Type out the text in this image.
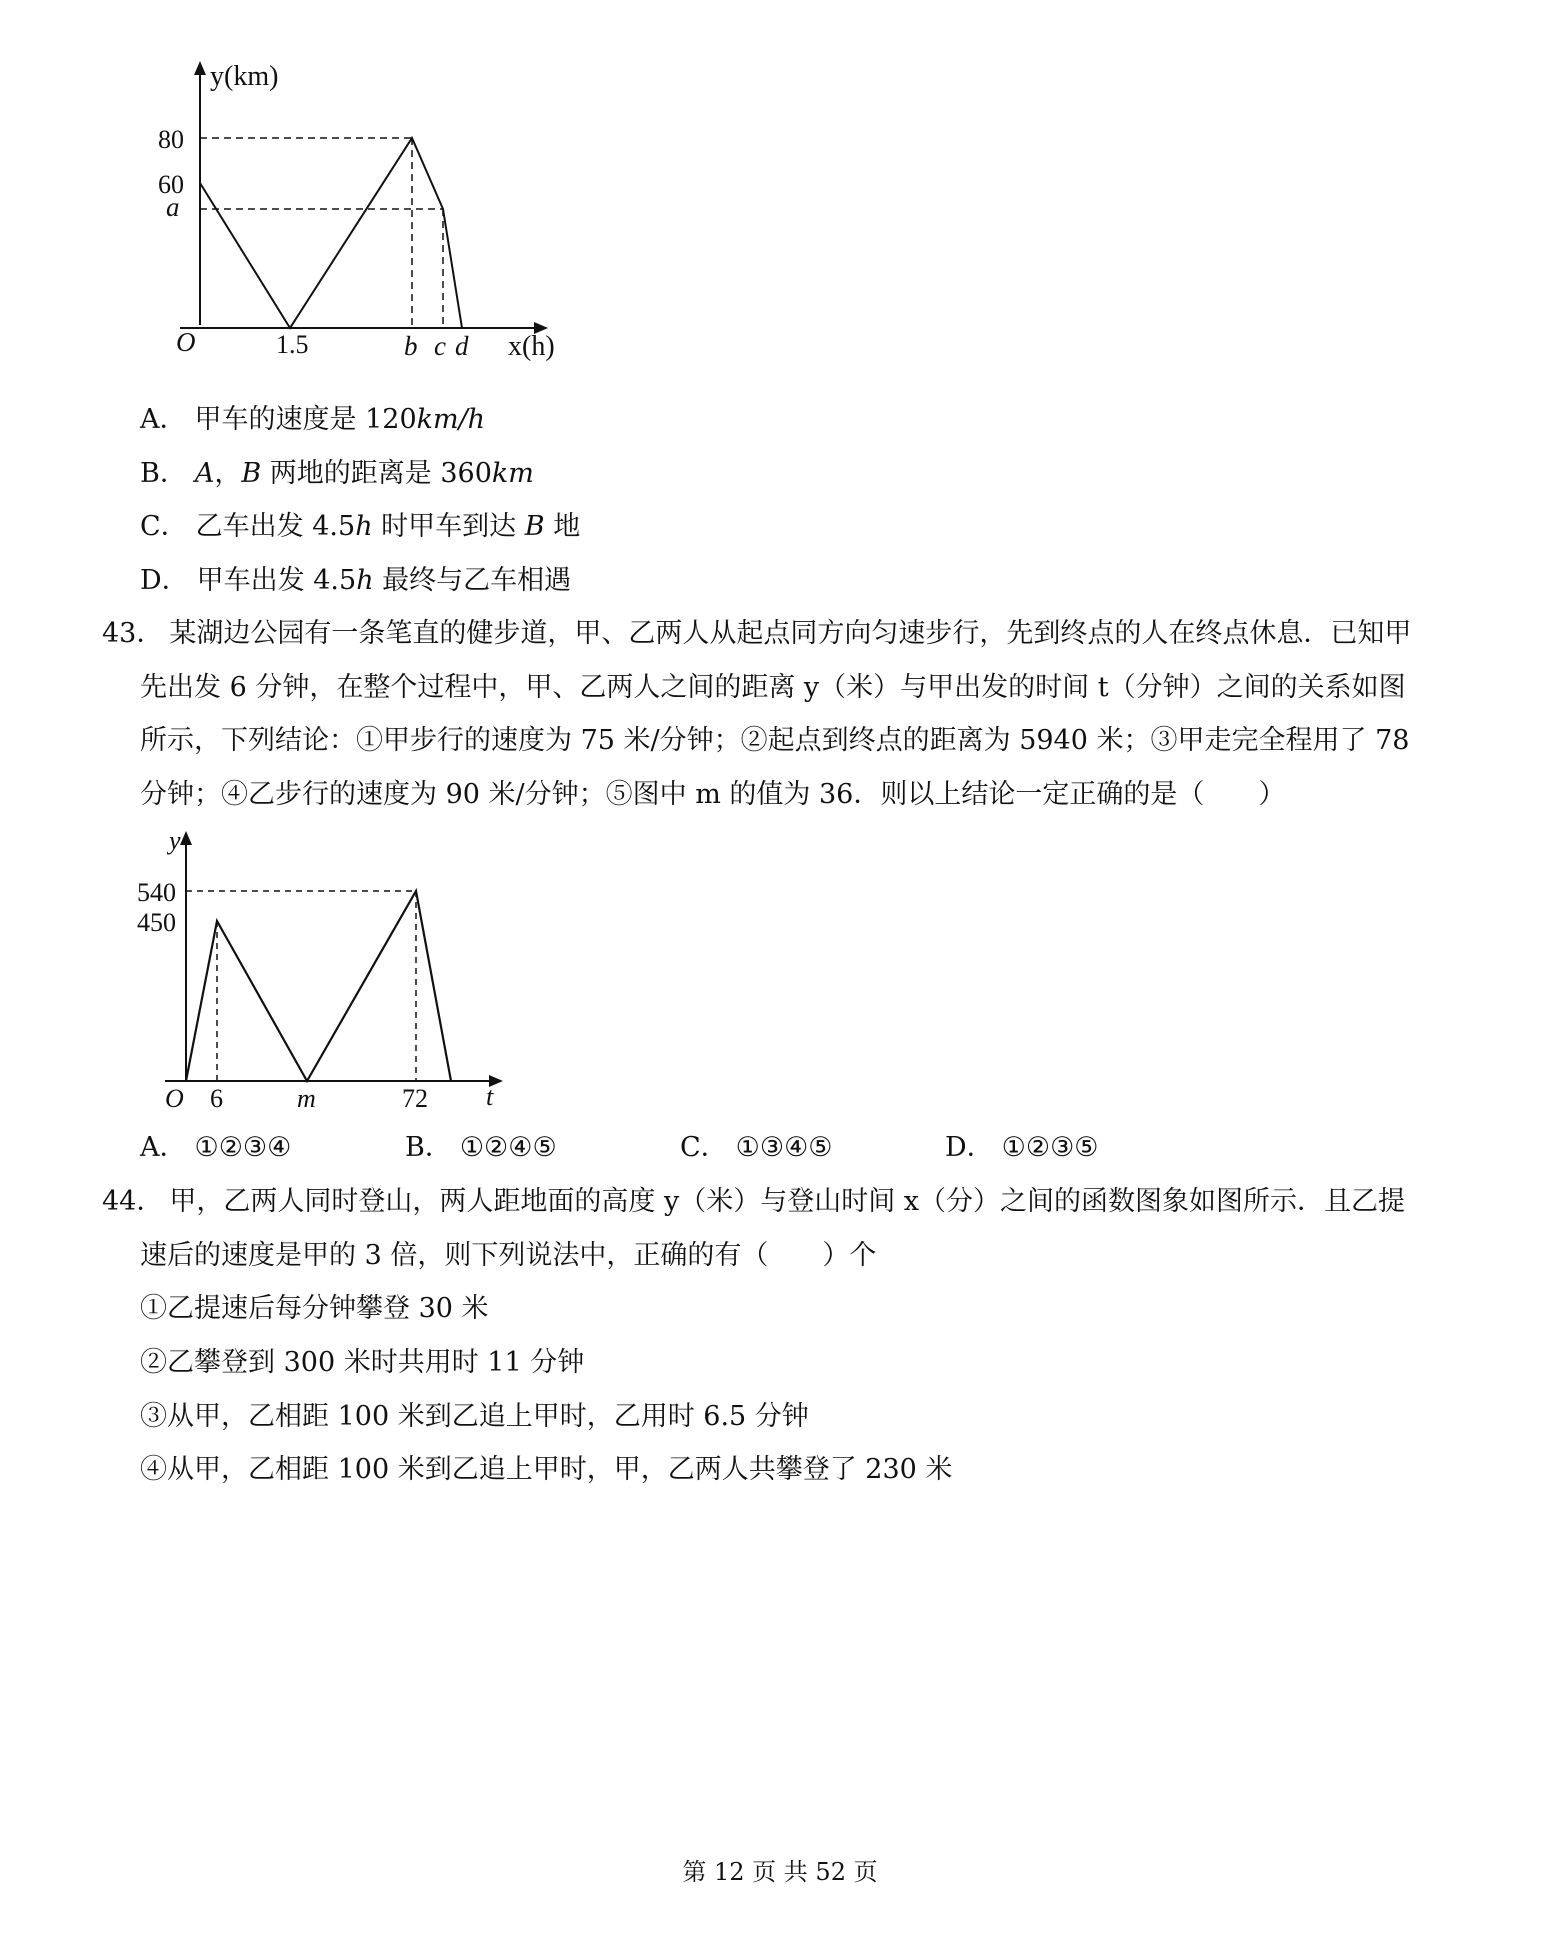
y(km)
80
60
a
O	1.5	b c d x(h)
A． 甲车的速度是 120km/h
B． A，B 两地的距离是 360km
C． 乙车出发 4.5h 时甲车到达 B 地
D． 甲车出发 4.5h 最终与乙车相遇
43． 某湖边公园有一条笔直的健步道，甲、乙两人从起点同方向匀速步行，先到终点的人在终点休息．已知甲
先出发 6 分钟，在整个过程中，甲、乙两人之间的距离 y（米）与甲出发的时间 t（分钟）之间的关系如图
所示，下列结论：①甲步行的速度为 75 米/分钟；②起点到终点的距离为 5940 米；③甲走完全程用了 78
分钟；④乙步行的速度为 90 米/分钟；⑤图中 m 的值为 36．则以上结论一定正确的是（　　）
y
540
450
O 6	m	72 t
A． ①②③④	B． ①②④⑤	C． ①③④⑤	D． ①②③⑤
44． 甲，乙两人同时登山，两人距地面的高度 y（米）与登山时间 x（分）之间的函数图象如图所示．且乙提
速后的速度是甲的 3 倍，则下列说法中，正确的有（　　）个
①乙提速后每分钟攀登 30 米
②乙攀登到 300 米时共用时 11 分钟
③从甲，乙相距 100 米到乙追上甲时，乙用时 6.5 分钟
④从甲，乙相距 100 米到乙追上甲时，甲，乙两人共攀登了 230 米
第 12 页 共 52 页
